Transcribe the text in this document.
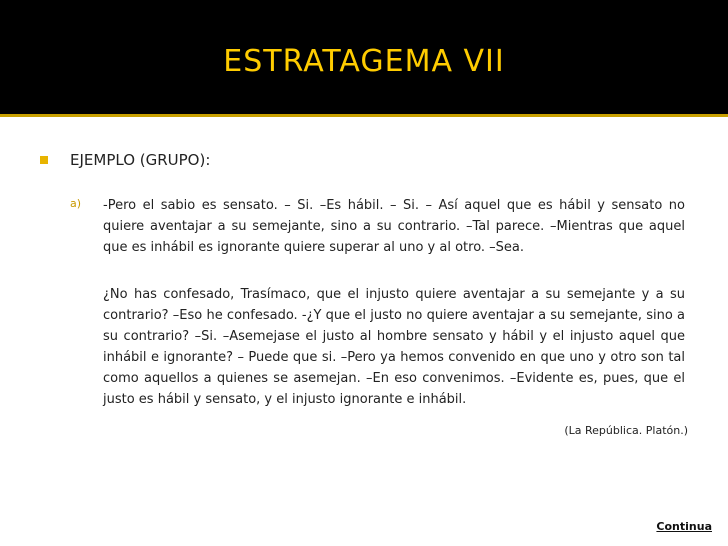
ESTRATAGEMA VII
EJEMPLO (GRUPO):
a) -Pero el sabio es sensato. – Si. –Es hábil. – Si. – Así aquel que es hábil y sensato no quiere aventajar a su semejante, sino a su contrario. –Tal parece. –Mientras que aquel que es inhábil es ignorante quiere superar al uno y al otro. –Sea.

¿No has confesado, Trasímaco, que el injusto quiere aventajar a su semejante y a su contrario? –Eso he confesado. -¿Y que el justo no quiere aventajar a su semejante, sino a su contrario? –Si. –Asemejase el justo al hombre sensato y hábil y el injusto aquel que inhábil e ignorante? – Puede que si. –Pero ya hemos convenido en que uno y otro son tal como aquellos a quienes se asemejan. –En eso convenimos. –Evidente es, pues, que el justo es hábil y sensato, y el injusto ignorante e inhábil.

(La República. Platón.)
Continua
